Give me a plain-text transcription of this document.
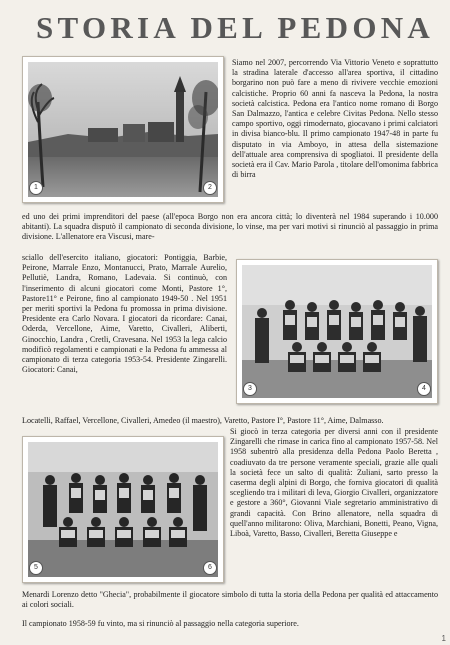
STORIA DEL PEDONA
1	2
3	4
5	6

Siamo nel 2007, percorrendo Via Vittorio Veneto e soprattutto la stradina laterale d'accesso all'area sportiva, il cittadino borgarino non può fare a meno di rivivere vecchie emozioni calcistiche. Proprio 60 anni fa nasceva la Pedona, la nostra società calcistica. Pedona era l'antico nome romano di Borgo San Dalmazzo, l'antica e celebre Civitas Pedona. Nello stesso campo sportivo, oggi rimodernato, giocavano i primi calciatori in divisa bianco-blu. Il primo campionato 1947-48 in parte fu disputato in via Amboyo, in attesa della sistemazione dell'attuale area comprensiva di spogliatoi. Il presidente della società era il Cav. Mario Parola , titolare dell'omonima fabbrica di birra

ed uno dei primi imprenditori del paese (all'epoca Borgo non era ancora città; lo diventerà nel 1984 superando i 10.000 abitanti). La squadra disputò il campionato di seconda divisione, lo vinse, ma per vari motivi si rinunciò al passaggio in prima divisione. L'allenatore era Viscusi, mare-

sciallo dell'esercito italiano, giocatori: Pontiggia, Barbie, Peirone, Marrale Enzo, Montanucci, Prato, Marrale Aurelio, Pellutiè, Landra, Romano, Ladevaia. Si continuò, con l'inserimento di alcuni giocatori come Monti, Pastore 1°, Pastore11° e Peirone, fino al campionato 1949-50 . Nel 1951 per meriti sportivi la Pedona fu promossa in prima divisione. Presidente era Carlo Novara. I giocatori da ricordare: Canai, Oderda, Vercellone, Aime, Varetto, Civalleri, Aliberti, Ginocchio, Landra , Cretli, Cravesana. Nel 1953 la lega calcio modificò regolamenti e campionati e la Pedona fu ammessa al campionato di terza categoria 1953-54. Presidente Zingarelli. Giocatori: Canai,

Locatelli, Raffael, Vercellone, Civalleri, Amedeo (il maestro), Varetto, Pastore I°, Pastore 11°, Aime, Dalmasso.

Si giocò in terza categoria per diversi anni con il presidente Zingarelli che rimase in carica fino al campionato 1957-58. Nel 1958 subentrò alla presidenza della Pedona Paolo Beretta , coadiuvato da tre persone veramente speciali, grazie alle quali la società fece un salto di qualità: Zuliani, sarto presso la caserma degli alpini di Borgo, che forniva giocatori di qualità scegliendo tra i militari di leva, Giorgio Civalleri, organizzatore e gestore a 360°, Giovanni Viale segretario amministrativo di grandi capacità. Con Brino allenatore, nella squadra di quell'anno militarono: Oliva, Marchiani, Bonetti, Peano, Vigna, Liboà, Varetto, Basso, Civalleri, Beretta Giuseppe e

Menardi Lorenzo detto "Ghecia", probabilmente il giocatore simbolo di tutta la storia della Pedona per qualità ed attaccamento ai colori sociali.

Il campionato 1958-59 fu vinto, ma si rinunciò al passaggio nella categoria superiore.

1
